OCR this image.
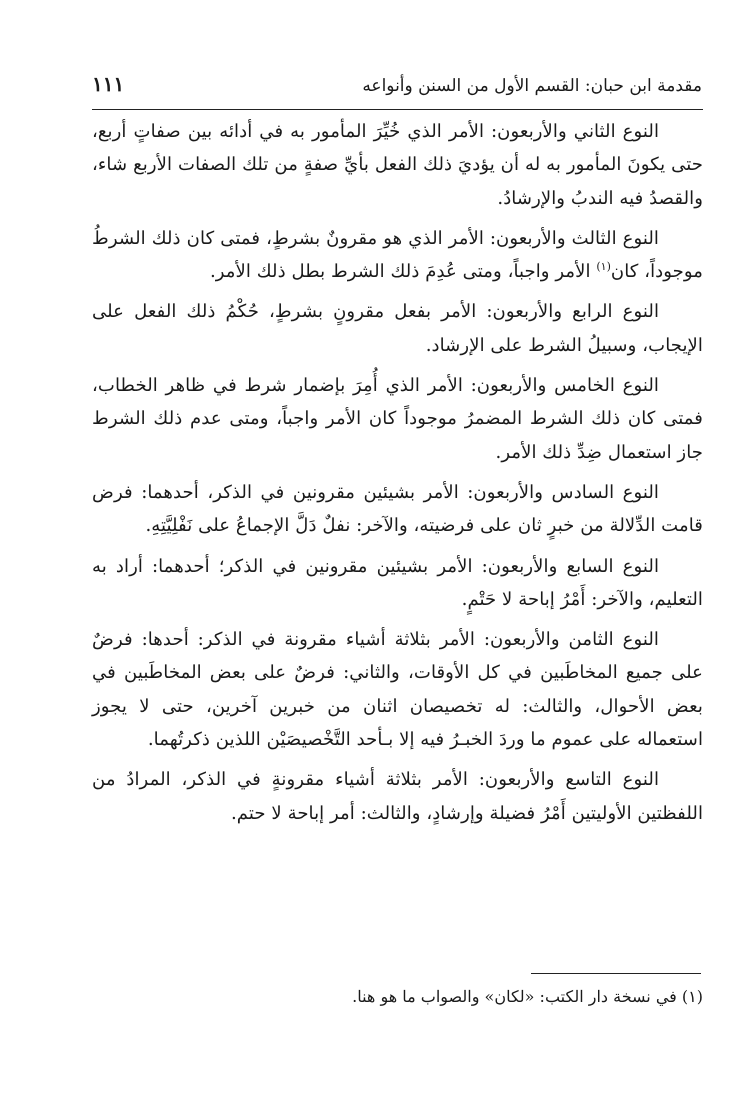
مقدمة ابن حبان: القسم الأول من السنن وأنواعه
١١١

النوع الثاني والأربعون: الأمر الذي خُيِّرَ المأمور به في أدائه بين صفاتٍ أربع، حتى يكونَ المأمور به له أن يؤديَ ذلك الفعل بأيِّ صفةٍ من تلك الصفات الأربع شاء، والقصدُ فيه الندبُ والإرشادُ.

النوع الثالث والأربعون: الأمر الذي هو مقرونٌ بشرطٍ، فمتى كان ذلك الشرطُ موجوداً، كان$^{(١)}$ الأمر واجباً، ومتى عُدِمَ ذلك الشرط بطل ذلك الأمر.

النوع الرابع والأربعون: الأمر بفعل مقرونٍ بشرطٍ، حُكْمُ ذلك الفعل على الإيجاب، وسبيلُ الشرط على الإرشاد.

النوع الخامس والأربعون: الأمر الذي أُمِرَ بإضمار شرط في ظاهر الخطاب، فمتى كان ذلك الشرط المضمرُ موجوداً كان الأمر واجباً، ومتى عدم ذلك الشرط جاز استعمال ضِدِّ ذلك الأمر.

النوع السادس والأربعون: الأمر بشيئين مقرونين في الذكر، أحدهما: فرض قامت الدِّلالة من خبرٍ ثان على فرضيته، والآخر: نفلٌ دَلَّ الإجماعُ على نَفْلِيَّتِهِ.

النوع السابع والأربعون: الأمر بشيئين مقرونين في الذكر؛ أحدهما: أراد به التعليم، والآخر: أَمْرُ إباحة لا حَتْمٍ.

النوع الثامن والأربعون: الأمر بثلاثة أشياء مقرونة في الذكر: أحدها: فرضٌ على جميع المخاطَبين في كل الأوقات، والثاني: فرضٌ على بعض المخاطَبين في بعض الأحوال، والثالث: له تخصيصان اثنان من خبرين آخرين، حتى لا يجوز استعماله على عموم ما وردَ الخبـرُ فيه إلا بـأحد التَّخْصيصَيْن اللذين ذكرتُهما.

النوع التاسع والأربعون: الأمر بثلاثة أشياء مقرونةٍ في الذكر، المرادُ من اللفظتين الأوليتين أَمْرُ فضيلة وإرشادٍ، والثالث: أمر إباحة لا حتم.

(١) في نسخة دار الكتب: «لكان» والصواب ما هو هنا.
